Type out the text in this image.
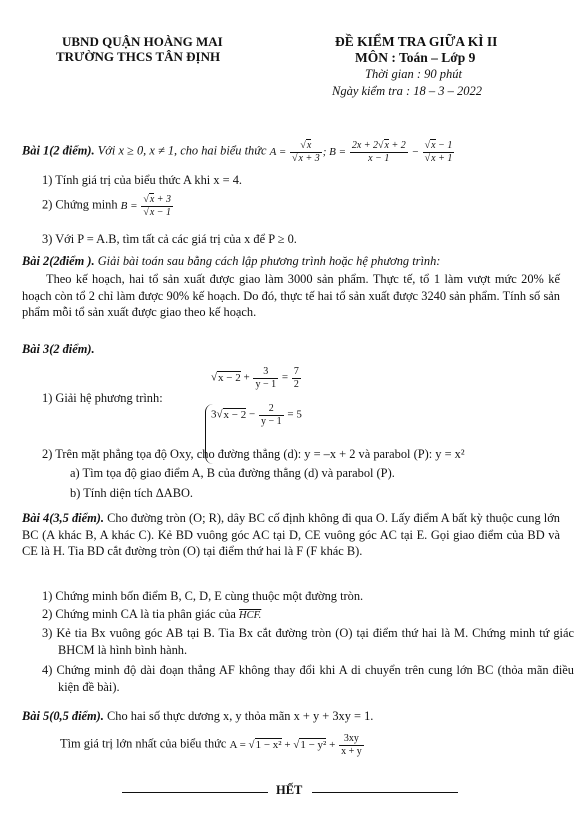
UBND QUẬN HOÀNG MAI
TRƯỜNG THCS TÂN ĐỊNH
ĐỀ KIỂM TRA GIỮA KÌ II
MÔN : Toán – Lớp 9
Thời gian : 90 phút
Ngày kiểm tra : 18 – 3 – 2022
Bài 1(2 điểm). Với x ≥ 0, x ≠ 1, cho hai biểu thức $A = \frac{√x}{√x + 3}$ ; $B = \frac{2x + 2√x + 2}{x - 1} - \frac{√x - 1}{√x + 1}$
1) Tính giá trị của biểu thức A khi x = 4.
2) Chứng minh $B = \frac{√x + 3}{√x - 1}$
3) Với P = A.B, tìm tất cả các giá trị của x để P ≥ 0.
Bài 2(2điểm ). Giải bài toán sau bằng cách lập phương trình hoặc hệ phương trình:
Theo kế hoạch, hai tổ sản xuất được giao làm 3000 sản phẩm. Thực tế, tổ 1 làm vượt mức 20% kế hoạch còn tổ 2 chỉ làm được 90% kế hoạch. Do đó, thực tế hai tổ sản xuất được 3240 sản phẩm. Tính số sản phẩm mỗi tổ sản xuất được giao theo kế hoạch.
Bài 3(2 điểm).
1) Giải hệ phương trình:
$√x - 2 + \frac{3}{y - 1} = \frac{7}{2}$
$3√x - 2 - \frac{2}{y - 1} = 5$
2) Trên mặt phẳng tọa độ Oxy, cho đường thẳng (d): y = –x + 2 và parabol (P): y = x²
a) Tìm tọa độ giao điểm A, B của đường thẳng (d) và parabol (P).
b) Tính diện tích ΔABO.
Bài 4(3,5 điểm). Cho đường tròn (O; R), dây BC cố định không đi qua O. Lấy điểm A bất kỳ thuộc cung lớn BC (A khác B, A khác C). Kẻ BD vuông góc AC tại D, CE vuông góc AC tại E. Gọi giao điểm của BD và CE là H. Tia BD cắt đường tròn (O) tại điểm thứ hai là F (F khác B).
1) Chứng minh bốn điểm B, C, D, E cùng thuộc một đường tròn.
2) Chứng minh CA là tia phân giác của HCF.
3) Kẻ tia Bx vuông góc AB tại B. Tia Bx cắt đường tròn (O) tại điểm thứ hai là M. Chứng minh tứ giác BHCM là hình bình hành.
4) Chứng minh độ dài đoạn thẳng AF không thay đổi khi A di chuyển trên cung lớn BC (thỏa mãn điều kiện đề bài).
Bài 5(0,5 điểm). Cho hai số thực dương x, y thỏa mãn x + y + 3xy = 1.
Tìm giá trị lớn nhất của biểu thức $A = √1 - x^2 + √1 - y^2 + \frac{3xy}{x + y}$
HẾT
